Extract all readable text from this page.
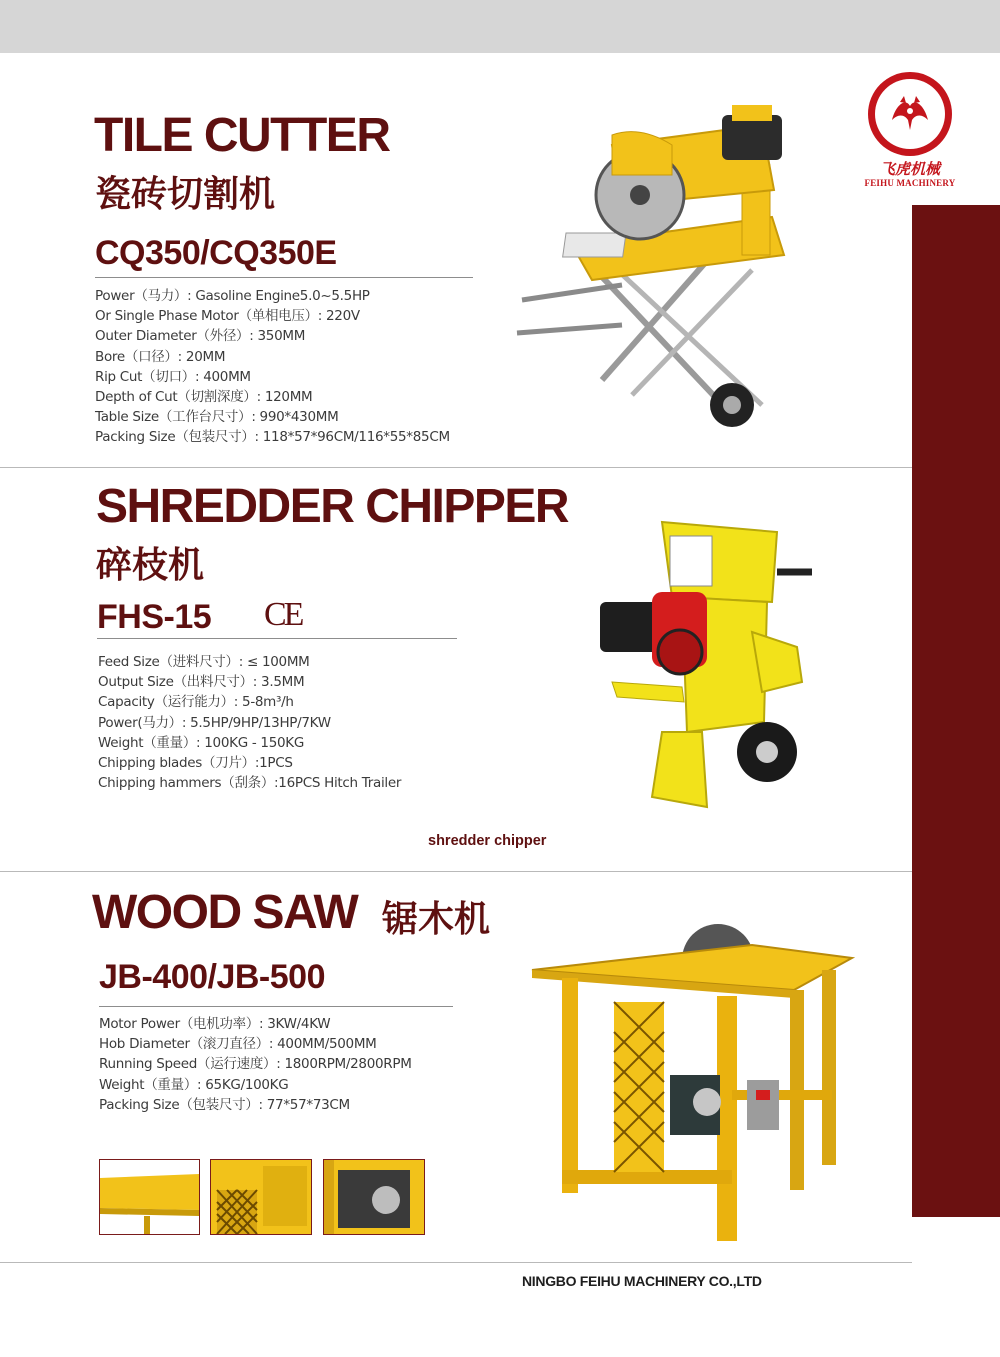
飞虎机械
FEIHU MACHINERY
TILE CUTTER
瓷砖切割机
CQ350/CQ350E
Power（马力）: Gasoline Engine5.0~5.5HP
Or Single Phase Motor（单相电压）: 220V
Outer Diameter（外径）: 350MM
Bore（口径）: 20MM
Rip Cut（切口）: 400MM
Depth of Cut（切割深度）: 120MM
Table Size（工作台尺寸）: 990*430MM
Packing Size（包装尺寸）: 118*57*96CM/116*55*85CM
SHREDDER CHIPPER
碎枝机
FHS-15 CE
Feed Size（进料尺寸）: ≤ 100MM
Output Size（出料尺寸）: 3.5MM
Capacity（运行能力）: 5-8m³/h
Power(马力）: 5.5HP/9HP/13HP/7KW
Weight（重量）: 100KG - 150KG
Chipping blades（刀片）:1PCS
Chipping hammers（刮条）:16PCS Hitch Trailer
shredder chipper
WOOD SAW 锯木机
JB-400/JB-500
Motor Power（电机功率）: 3KW/4KW
Hob Diameter（滚刀直径）: 400MM/500MM
Running Speed（运行速度）: 1800RPM/2800RPM
Weight（重量）: 65KG/100KG
Packing Size（包装尺寸）: 77*57*73CM
NINGBO FEIHU MACHINERY CO.,LTD
